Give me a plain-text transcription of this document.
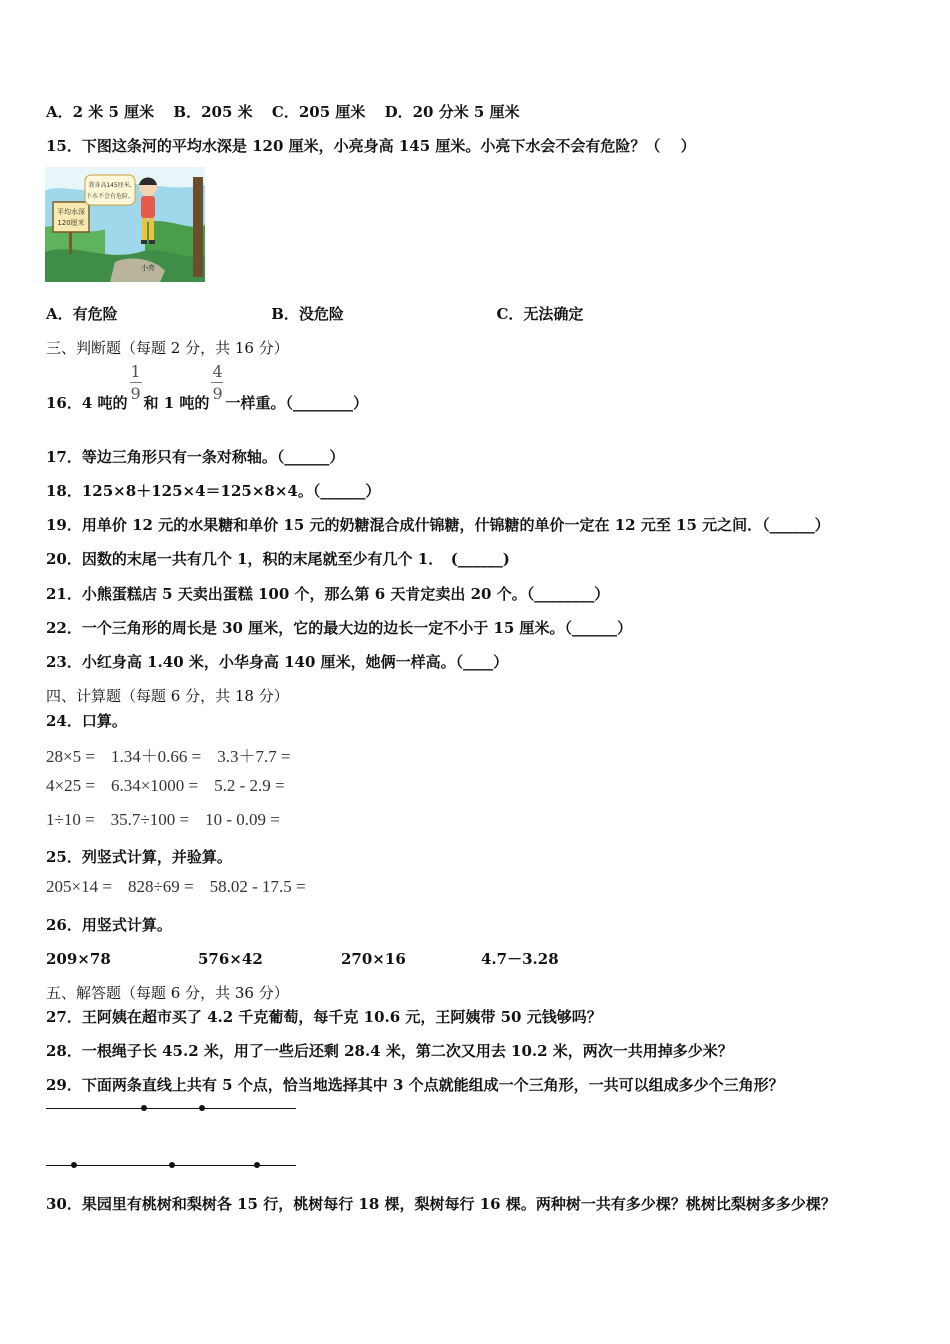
A．2 米 5 厘米 B．205 米 C．205 厘米 D．20 分米 5 厘米
15．下图这条河的平均水深是 120 厘米，小亮身高 145 厘米。小亮下水会不会有危险？（　 ）
平均水深
120厘米
我身高145厘米,
下水不会有危险。
小亮
A．有危险	B．没危险	C．无法确定
三、判断题（每题 2 分，共 16 分）
16．4 吨的 $\frac{1}{9}$ 和 1 吨的 $\frac{4}{9}$ 一样重。（________）
17．等边三角形只有一条对称轴。（______）
18．125×8＋125×4＝125×8×4。（______）
19．用单价 12 元的水果糖和单价 15 元的奶糖混合成什锦糖，什锦糖的单价一定在 12 元至 15 元之间．（______）
20．因数的末尾一共有几个 1，积的末尾就至少有几个 1．　(______)
21．小熊蛋糕店 5 天卖出蛋糕 100 个，那么第 6 天肯定卖出 20 个。（________）
22．一个三角形的周长是 30 厘米，它的最大边的边长一定不小于 15 厘米。（______）
23．小红身高 1.40 米，小华身高 140 厘米，她俩一样高。（____）
四、计算题（每题 6 分，共 18 分）
24．口算。
28×5 = 1.34＋0.66 = 3.3＋7.7 =
4×25 = 6.34×1000 = 5.2 - 2.9 =
1÷10 = 35.7÷100 = 10 - 0.09 =
25．列竖式计算，并验算。
205×14 = 828÷69 = 58.02 - 17.5 =
26．用竖式计算。
209×78	576×42	270×16	4.7－3.28
五、解答题（每题 6 分，共 36 分）
27．王阿姨在超市买了 4.2 千克葡萄，每千克 10.6 元，王阿姨带 50 元钱够吗？
28．一根绳子长 45.2 米，用了一些后还剩 28.4 米，第二次又用去 10.2 米，两次一共用掉多少米？
29．下面两条直线上共有 5 个点，恰当地选择其中 3 个点就能组成一个三角形，一共可以组成多少个三角形？
30．果园里有桃树和梨树各 15 行，桃树每行 18 棵，梨树每行 16 棵。两种树一共有多少棵？桃树比梨树多多少棵？
